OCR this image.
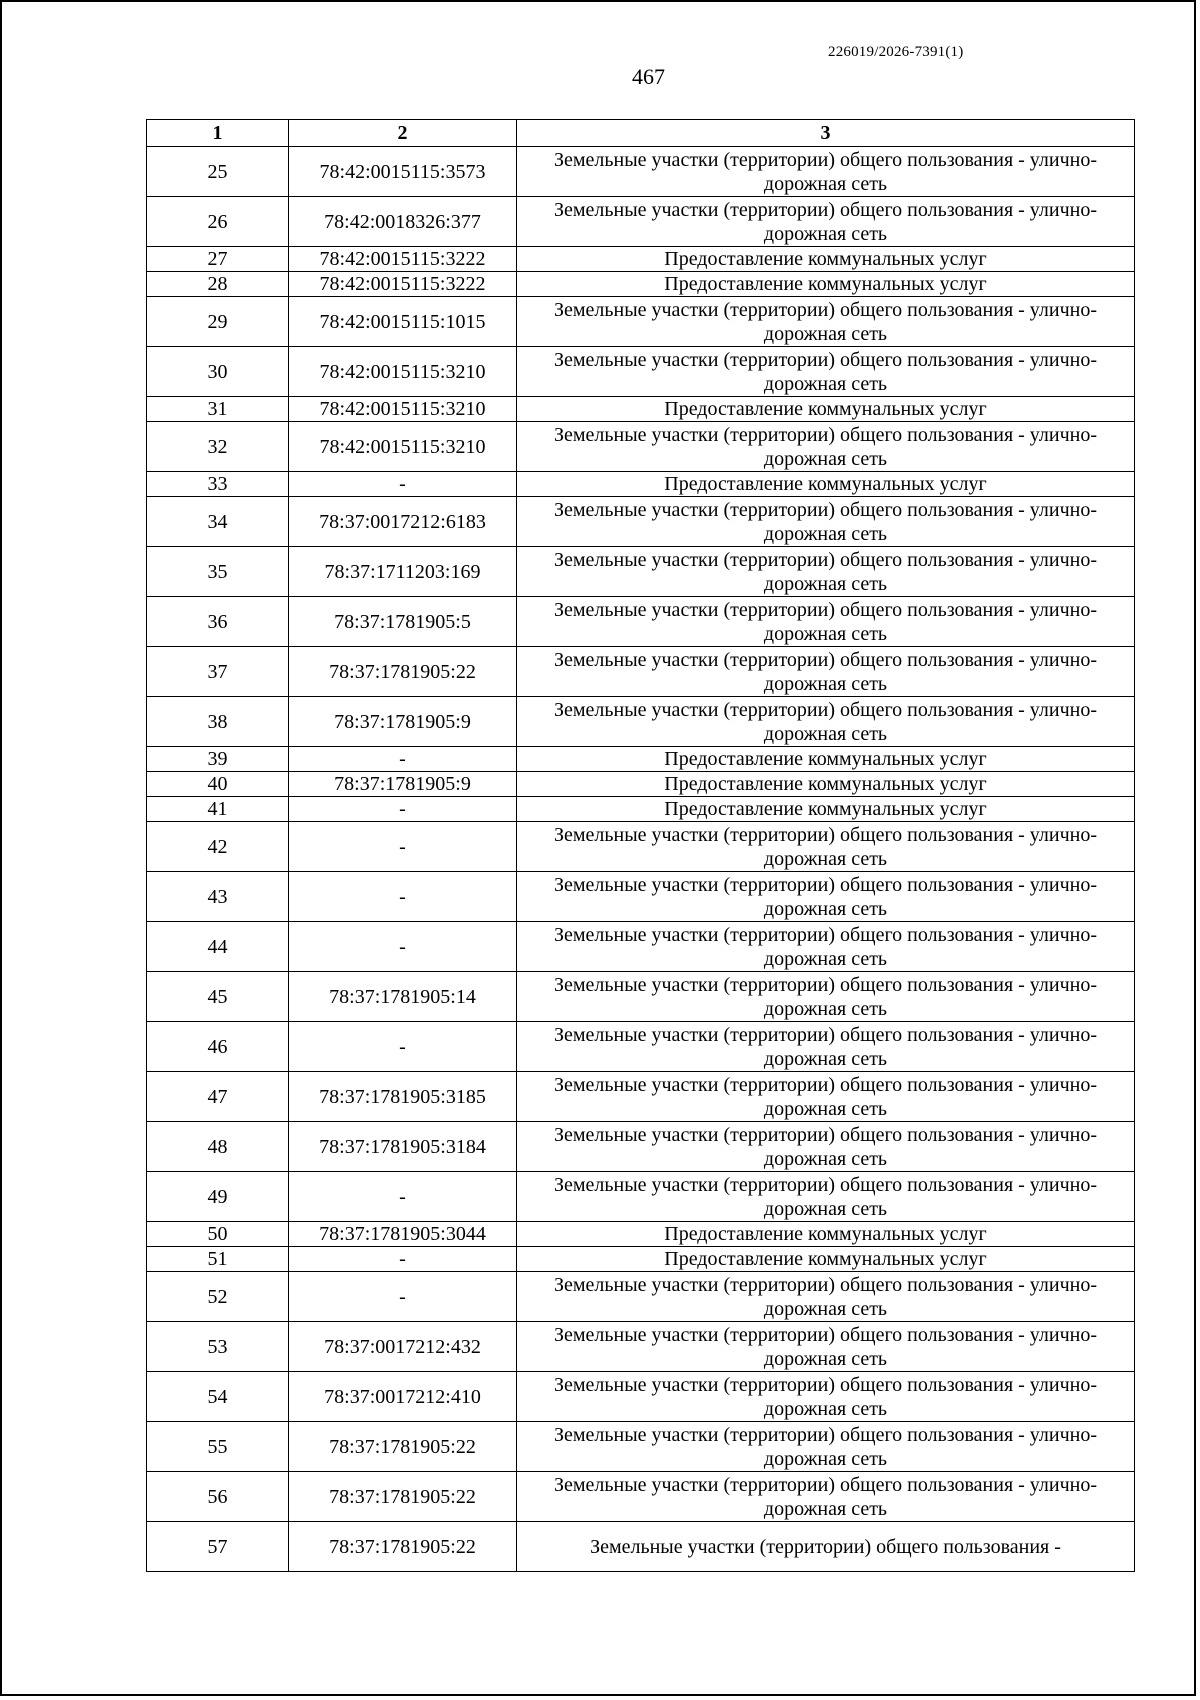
226019/2026-7391(1)
467
1	2	3
25	78:42:0015115:3573	Земельные участки (территории) общего пользования - улично-дорожная сеть
26	78:42:0018326:377	Земельные участки (территории) общего пользования - улично-дорожная сеть
27	78:42:0015115:3222	Предоставление коммунальных услуг
28	78:42:0015115:3222	Предоставление коммунальных услуг
29	78:42:0015115:1015	Земельные участки (территории) общего пользования - улично-дорожная сеть
30	78:42:0015115:3210	Земельные участки (территории) общего пользования - улично-дорожная сеть
31	78:42:0015115:3210	Предоставление коммунальных услуг
32	78:42:0015115:3210	Земельные участки (территории) общего пользования - улично-дорожная сеть
33	-	Предоставление коммунальных услуг
34	78:37:0017212:6183	Земельные участки (территории) общего пользования - улично-дорожная сеть
35	78:37:1711203:169	Земельные участки (территории) общего пользования - улично-дорожная сеть
36	78:37:1781905:5	Земельные участки (территории) общего пользования - улично-дорожная сеть
37	78:37:1781905:22	Земельные участки (территории) общего пользования - улично-дорожная сеть
38	78:37:1781905:9	Земельные участки (территории) общего пользования - улично-дорожная сеть
39	-	Предоставление коммунальных услуг
40	78:37:1781905:9	Предоставление коммунальных услуг
41	-	Предоставление коммунальных услуг
42	-	Земельные участки (территории) общего пользования - улично-дорожная сеть
43	-	Земельные участки (территории) общего пользования - улично-дорожная сеть
44	-	Земельные участки (территории) общего пользования - улично-дорожная сеть
45	78:37:1781905:14	Земельные участки (территории) общего пользования - улично-дорожная сеть
46	-	Земельные участки (территории) общего пользования - улично-дорожная сеть
47	78:37:1781905:3185	Земельные участки (территории) общего пользования - улично-дорожная сеть
48	78:37:1781905:3184	Земельные участки (территории) общего пользования - улично-дорожная сеть
49	-	Земельные участки (территории) общего пользования - улично-дорожная сеть
50	78:37:1781905:3044	Предоставление коммунальных услуг
51	-	Предоставление коммунальных услуг
52	-	Земельные участки (территории) общего пользования - улично-дорожная сеть
53	78:37:0017212:432	Земельные участки (территории) общего пользования - улично-дорожная сеть
54	78:37:0017212:410	Земельные участки (территории) общего пользования - улично-дорожная сеть
55	78:37:1781905:22	Земельные участки (территории) общего пользования - улично-дорожная сеть
56	78:37:1781905:22	Земельные участки (территории) общего пользования - улично-дорожная сеть
57	78:37:1781905:22	Земельные участки (территории) общего пользования -
